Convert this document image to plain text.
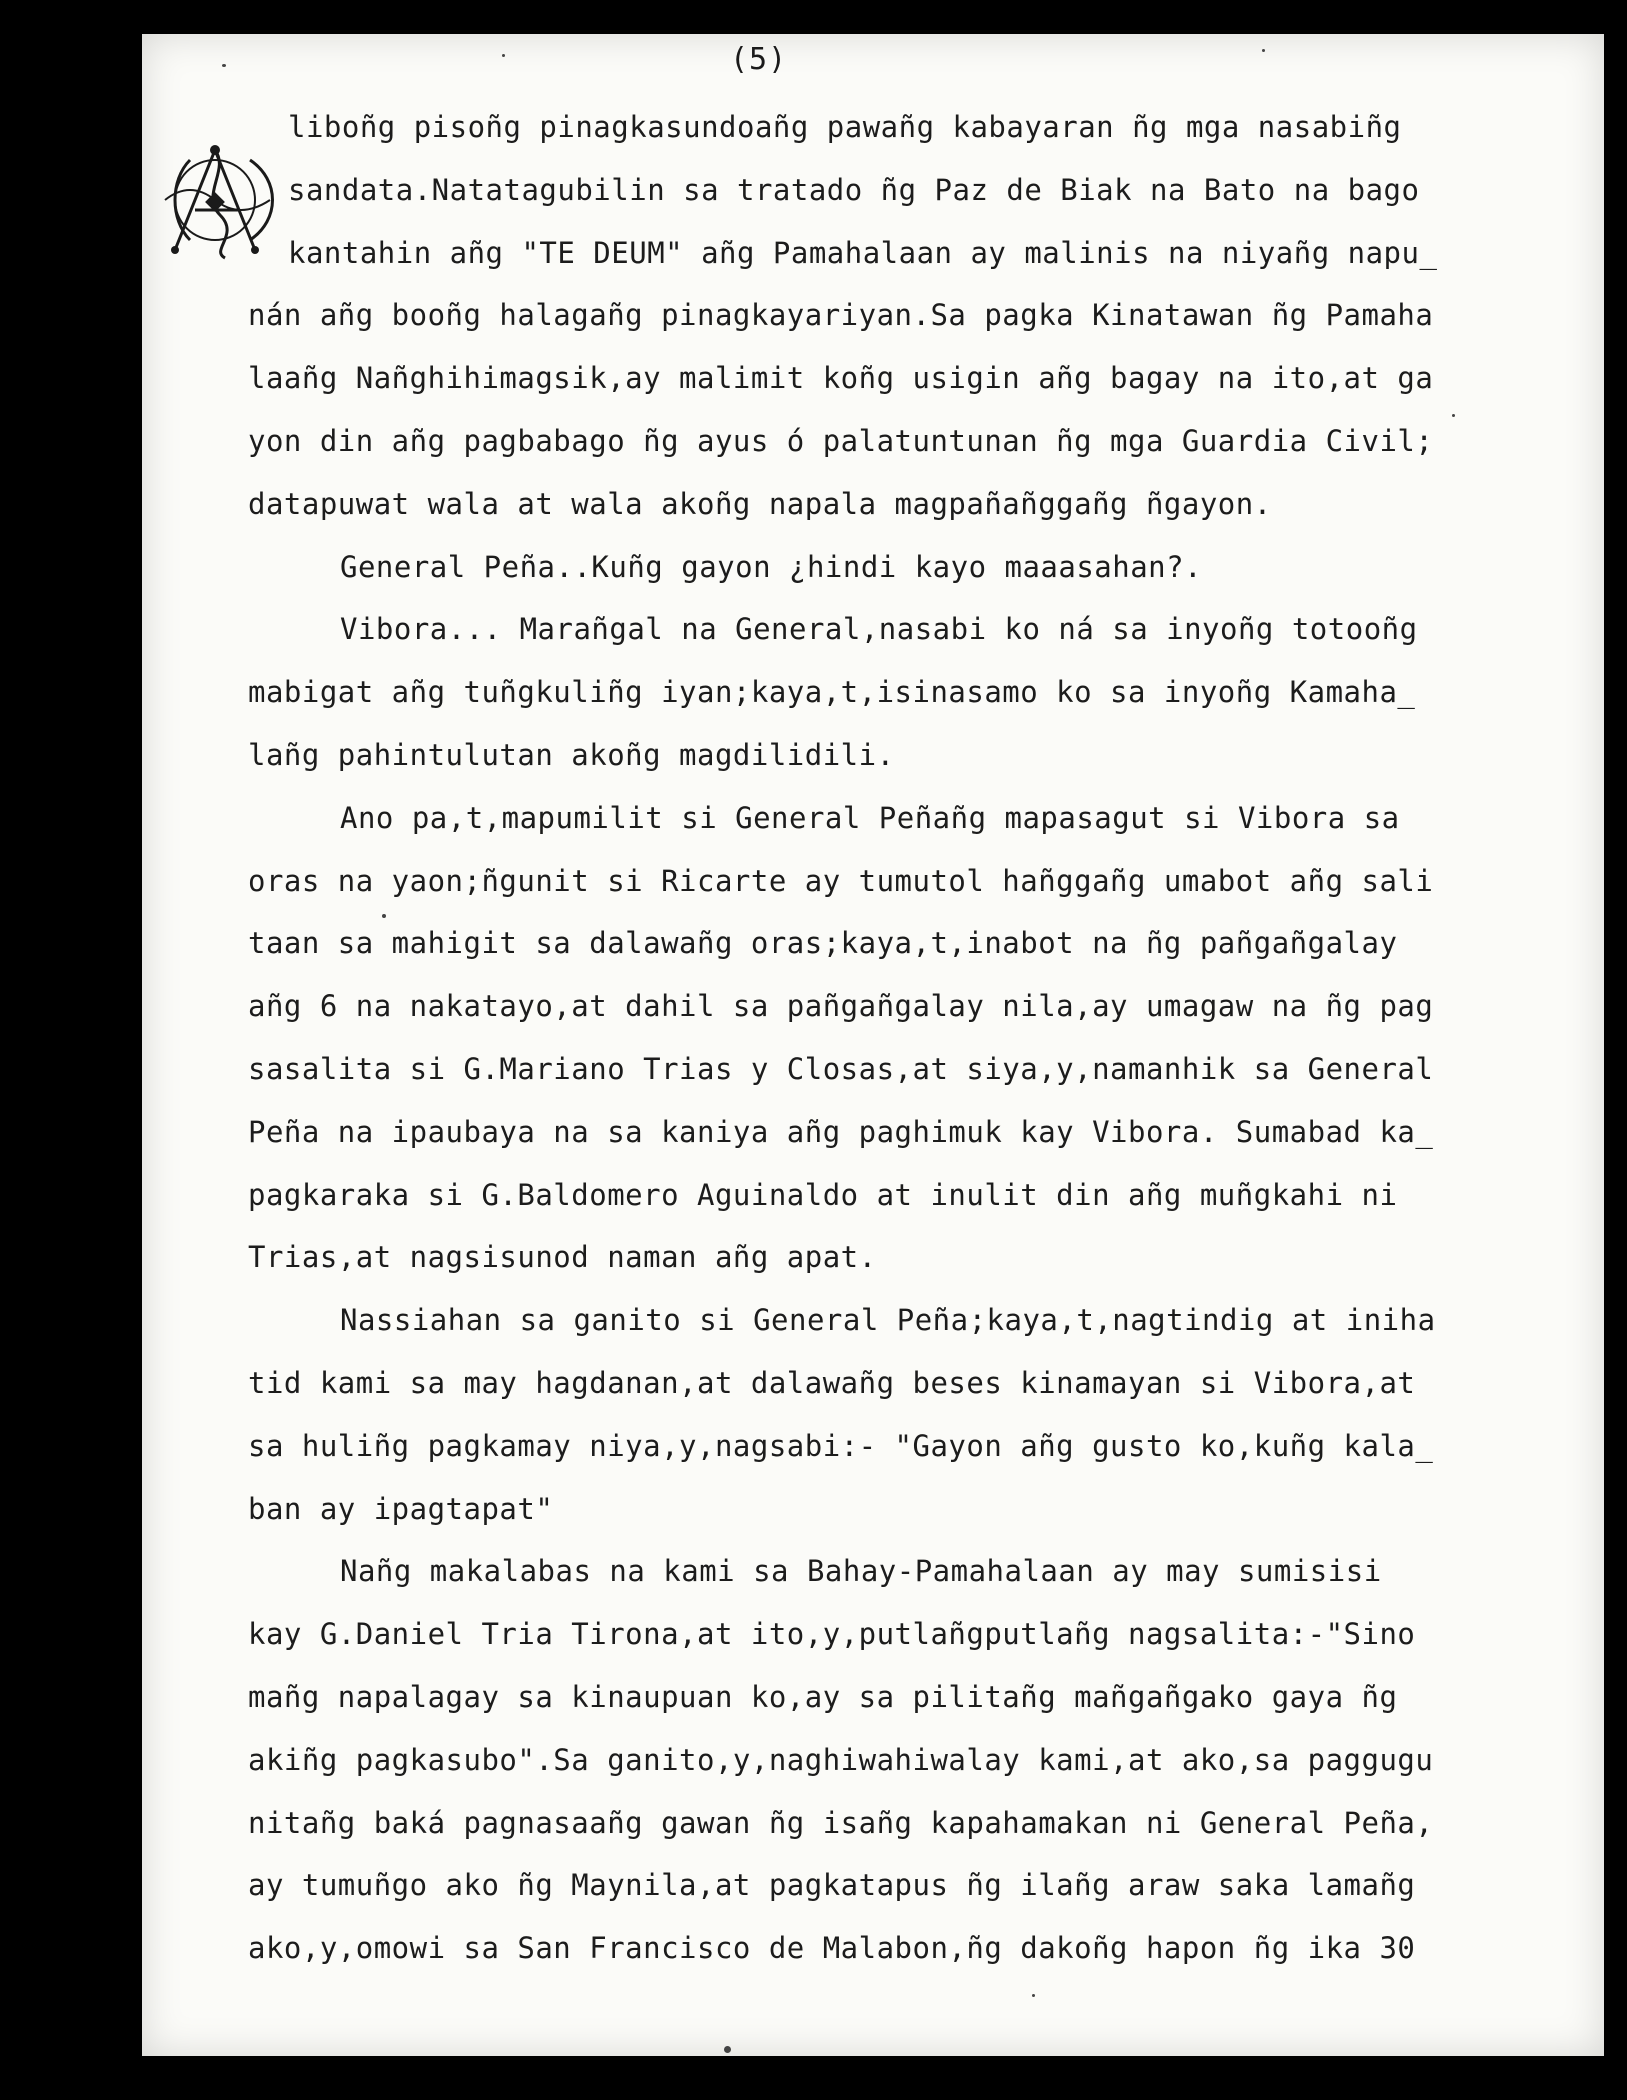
(5)
liboñg pisoñg pinagkasundoañg pawañg kabayaran ñg mga nasabiñg
sandata.Natatagubilin sa tratado ñg Paz de Biak na Bato na bago
kantahin añg "TE DEUM" añg Pamahalaan ay malinis na niyañg napu_
nán añg booñg halagañg pinagkayariyan.Sa pagka Kinatawan ñg Pamaha
laañg Nañghihimagsik,ay malimit koñg usigin añg bagay na ito,at ga
yon din añg pagbabago ñg ayus ó palatuntunan ñg mga Guardia Civil;
datapuwat wala at wala akoñg napala magpañañggañg ñgayon.
General Peña..Kuñg gayon ¿hindi kayo maaasahan?.
Vibora... Marañgal na General,nasabi ko ná sa inyoñg totooñg
mabigat añg tuñgkuliñg iyan;kaya,t,isinasamo ko sa inyoñg Kamaha_
lañg pahintulutan akoñg magdilidili.
Ano pa,t,mapumilit si General Peñañg mapasagut si Vibora sa
oras na yaon;ñgunit si Ricarte ay tumutol hañggañg umabot añg sali
taan sa mahigit sa dalawañg oras;kaya,t,inabot na ñg pañgañgalay
añg 6 na nakatayo,at dahil sa pañgañgalay nila,ay umagaw na ñg pag
sasalita si G.Mariano Trias y Closas,at siya,y,namanhik sa General
Peña na ipaubaya na sa kaniya añg paghimuk kay Vibora. Sumabad ka_
pagkaraka si G.Baldomero Aguinaldo at inulit din añg muñgkahi ni
Trias,at nagsisunod naman añg apat.
Nassiahan sa ganito si General Peña;kaya,t,nagtindig at iniha
tid kami sa may hagdanan,at dalawañg beses kinamayan si Vibora,at
sa huliñg pagkamay niya,y,nagsabi:- "Gayon añg gusto ko,kuñg kala_
ban ay ipagtapat"
Nañg makalabas na kami sa Bahay-Pamahalaan ay may sumisisi
kay G.Daniel Tria Tirona,at ito,y,putlañgputlañg nagsalita:-"Sino
mañg napalagay sa kinaupuan ko,ay sa pilitañg mañgañgako gaya ñg
akiñg pagkasubo".Sa ganito,y,naghiwahiwalay kami,at ako,sa paggugu
nitañg baká pagnasaañg gawan ñg isañg kapahamakan ni General Peña,
ay tumuñgo ako ñg Maynila,at pagkatapus ñg ilañg araw saka lamañg
ako,y,omowi sa San Francisco de Malabon,ñg dakoñg hapon ñg ika 30
